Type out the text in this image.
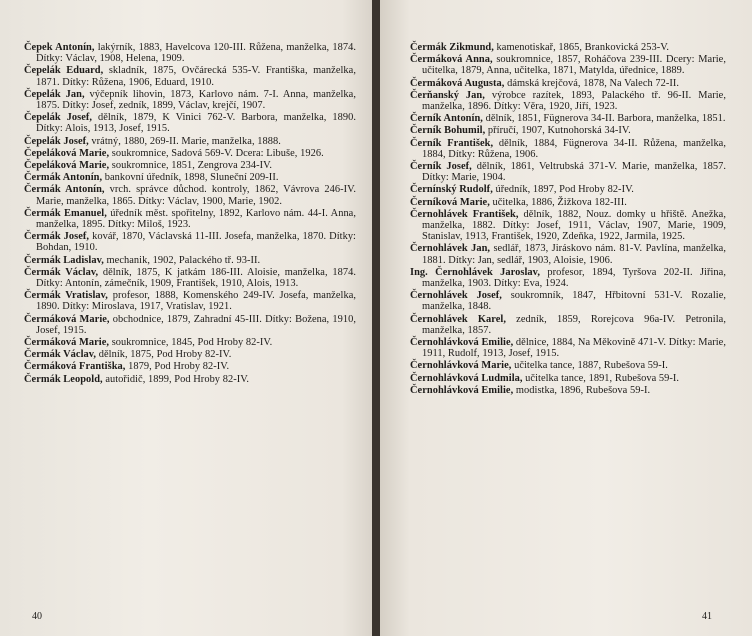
Čepek Antonín, lakýrník, 1883, Havelcova 120-III. Růžena, manželka, 1874. Dítky: Václav, 1908, Helena, 1909.

Čepelák Eduard, skladník, 1875, Ovčárecká 535-V. Františka, manželka, 1871. Dítky: Růžena, 1906, Eduard, 1910.

Čepelák Jan, výčepník lihovin, 1873, Karlovo nám. 7-I. Anna, manželka, 1875. Dítky: Josef, zedník, 1899, Václav, krejčí, 1907.

Čepelák Josef, dělník, 1879, K Vinici 762-V. Barbora, manželka, 1890. Dítky: Alois, 1913, Josef, 1915.

Čepelák Josef, vrátný, 1880, 269-II. Marie, manželka, 1888.

Čepeláková Marie, soukromnice, Sadová 569-V. Dcera: Libuše, 1926.

Čepeláková Marie, soukromnice, 1851, Zengrova 234-IV.

Čermák Antonín, bankovní úředník, 1898, Sluneční 209-II.

Čermák Antonín, vrch. správce důchod. kontroly, 1862, Vávrova 246-IV. Marie, manželka, 1865. Dítky: Václav, 1900, Marie, 1902.

Čermák Emanuel, úředník měst. spořitelny, 1892, Karlovo nám. 44-I. Anna, manželka, 1895. Dítky: Miloš, 1923.

Čermák Josef, kovář, 1870, Václavská 11-III. Josefa, manželka, 1870. Dítky: Bohdan, 1910.

Čermák Ladislav, mechanik, 1902, Palackého tř. 93-II.

Čermák Václav, dělník, 1875, K jatkám 186-III. Aloisie, manželka, 1874. Dítky: Antonín, zámečník, 1909, František, 1910, Alois, 1913.

Čermák Vratislav, profesor, 1888, Komenského 249-IV. Josefa, manželka, 1890. Dítky: Miroslava, 1917, Vratislav, 1921.

Čermáková Marie, obchodnice, 1879, Zahradní 45-III. Dítky: Božena, 1910, Josef, 1915.

Čermáková Marie, soukromnice, 1845, Pod Hroby 82-IV.

Čermák Václav, dělník, 1875, Pod Hroby 82-IV.

Čermáková Františka, 1879, Pod Hroby 82-IV.

Čermák Leopold, autořidič, 1899, Pod Hroby 82-IV.

40

Čermák Zikmund, kamenotiskař, 1865, Brankovická 253-V.

Čermáková Anna, soukromnice, 1857, Roháčova 239-III. Dcery: Marie, učitelka, 1879, Anna, učitelka, 1871, Matylda, úřednice, 1889.

Čermáková Augusta, dámská krejčová, 1878, Na Valech 72-II.

Čerňanský Jan, výrobce razítek, 1893, Palackého tř. 96-II. Marie, manželka, 1896. Dítky: Věra, 1920, Jiří, 1923.

Černík Antonín, dělník, 1851, Fügnerova 34-II. Barbora, manželka, 1851.

Černík Bohumil, příručí, 1907, Kutnohorská 34-IV.

Černík František, dělník, 1884, Fügnerova 34-II. Růžena, manželka, 1884, Dítky: Růžena, 1906.

Černík Josef, dělník, 1861, Veltrubská 371-V. Marie, manželka, 1857. Dítky: Marie, 1904.

Černínský Rudolf, úředník, 1897, Pod Hroby 82-IV.

Černíková Marie, učitelka, 1886, Žižkova 182-III.

Černohlávek František, dělník, 1882, Nouz. domky u hřiště. Anežka, manželka, 1882. Dítky: Josef, 1911, Václav, 1907, Marie, 1909, Stanislav, 1913, František, 1920, Zdeňka, 1922, Jarmila, 1925.

Černohlávek Jan, sedlář, 1873, Jiráskovo nám. 81-V. Pavlína, manželka, 1881. Dítky: Jan, sedlář, 1903, Aloisie, 1906.

Ing. Černohlávek Jaroslav, profesor, 1894, Tyršova 202-II. Jiřina, manželka, 1903. Dítky: Eva, 1924.

Černohlávek Josef, soukromník, 1847, Hřbitovní 531-V. Rozalie, manželka, 1848.

Černohlávek Karel, zedník, 1859, Rorejcova 96a-IV. Petronila, manželka, 1857.

Černohlávková Emilie, dělnice, 1884, Na Měkovině 471-V. Dítky: Marie, 1911, Rudolf, 1913, Josef, 1915.

Černohlávková Marie, učitelka tance, 1887, Rubešova 59-I.

Černohlávková Ludmila, učitelka tance, 1891, Rubešova 59-I.

Černohlávková Emilie, modistka, 1896, Rubešova 59-I.

41
